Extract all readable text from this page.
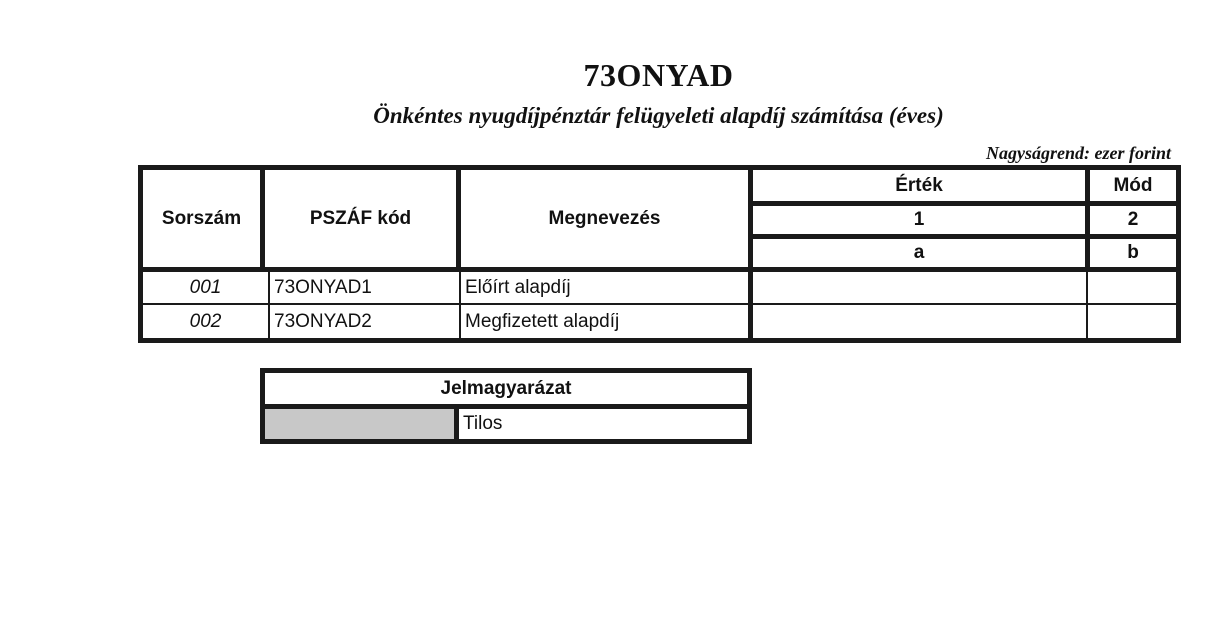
73ONYAD
Önkéntes nyugdíjpénztár felügyeleti alapdíj számítása (éves)
Nagyságrend: ezer forint
Sorszám	PSZÁF kód	Megnevezés
Érték	Mód
1	2
a	b
001	73ONYAD1	Előírt alapdíj
002	73ONYAD2	Megfizetett alapdíj
Jelmagyarázat
Tilos
